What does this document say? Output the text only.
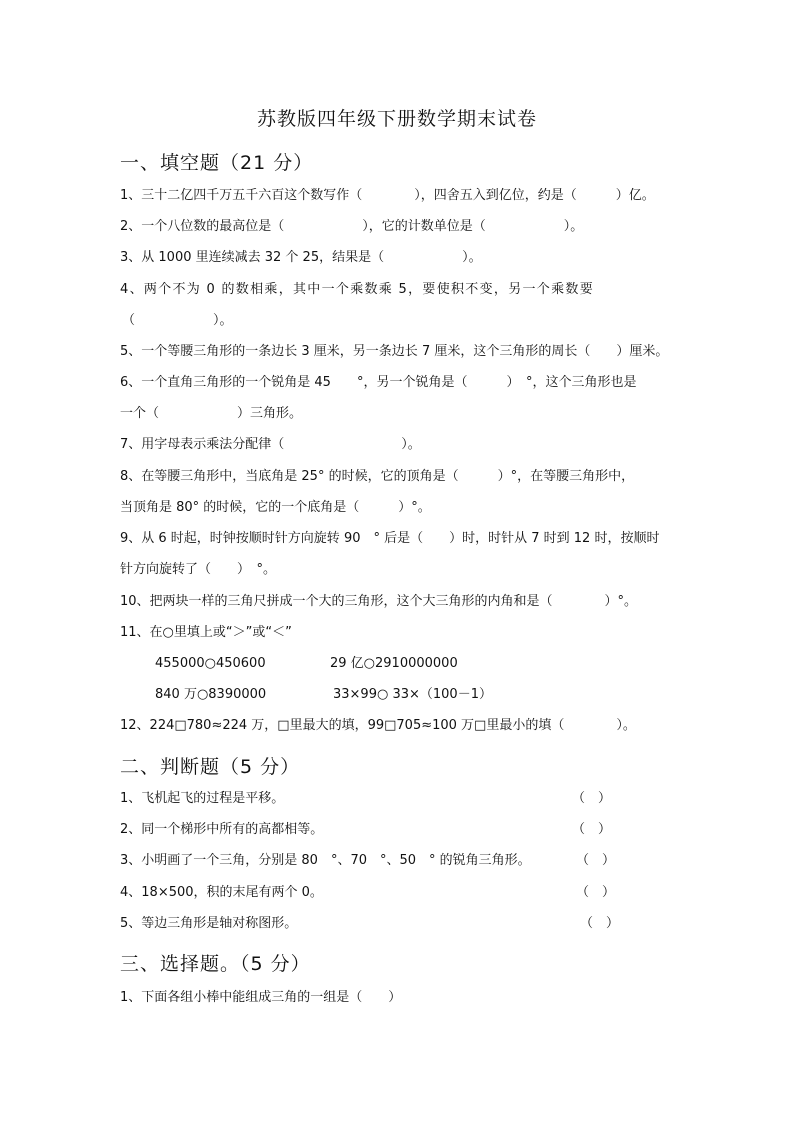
苏教版四年级下册数学期末试卷
一、填空题（21 分）
1、三十二亿四千万五千六百这个数写作（　　　　），四舍五入到亿位，约是（　　　）亿。
2、一个八位数的最高位是（　　　　　　），它的计数单位是（　　　　　　）。
3、从 1000 里连续减去 32 个 25，结果是（　　　　　　）。
4、两个不为 0 的数相乘，其中一个乘数乘 5，要使积不变，另一个乘数要
（　　　　　　）。
5、一个等腰三角形的一条边长 3 厘米，另一条边长 7 厘米，这个三角形的周长（　　）厘米。
6、一个直角三角形的一个锐角是 45　　°，另一个锐角是（　　　）　°，这个三角形也是
一个（　　　　　　）三角形。
7、用字母表示乘法分配律（　　　　　　　　　）。
8、在等腰三角形中，当底角是 25° 的时候，它的顶角是（　　　）°，在等腰三角形中，
当顶角是 80° 的时候，它的一个底角是（　　　）°。
9、从 6 时起，时钟按顺时针方向旋转 90　° 后是（　　）时，时针从 7 时到 12 时，按顺时
针方向旋转了（　　）　°。
10、把两块一样的三角尺拼成一个大的三角形，这个大三角形的内角和是（　　　　）°。
11、在○里填上或“＞”或“＜”
455000○450600	29 亿○2910000000
840 万○8390000	33×99○ 33×（100－1）
12、224□780≈224 万，□里最大的填，99□705≈100 万□里最小的填（　　　　）。
二、判断题（5 分）
1、飞机起飞的过程是平移。	（　）
2、同一个梯形中所有的高都相等。	（　）
3、小明画了一个三角，分别是 80　°、70　°、50　° 的锐角三角形。	（　）
4、18×500，积的末尾有两个 0。	（　）
5、等边三角形是轴对称图形。	（　）
三、选择题。（5 分）
1、下面各组小棒中能组成三角的一组是（　　）
